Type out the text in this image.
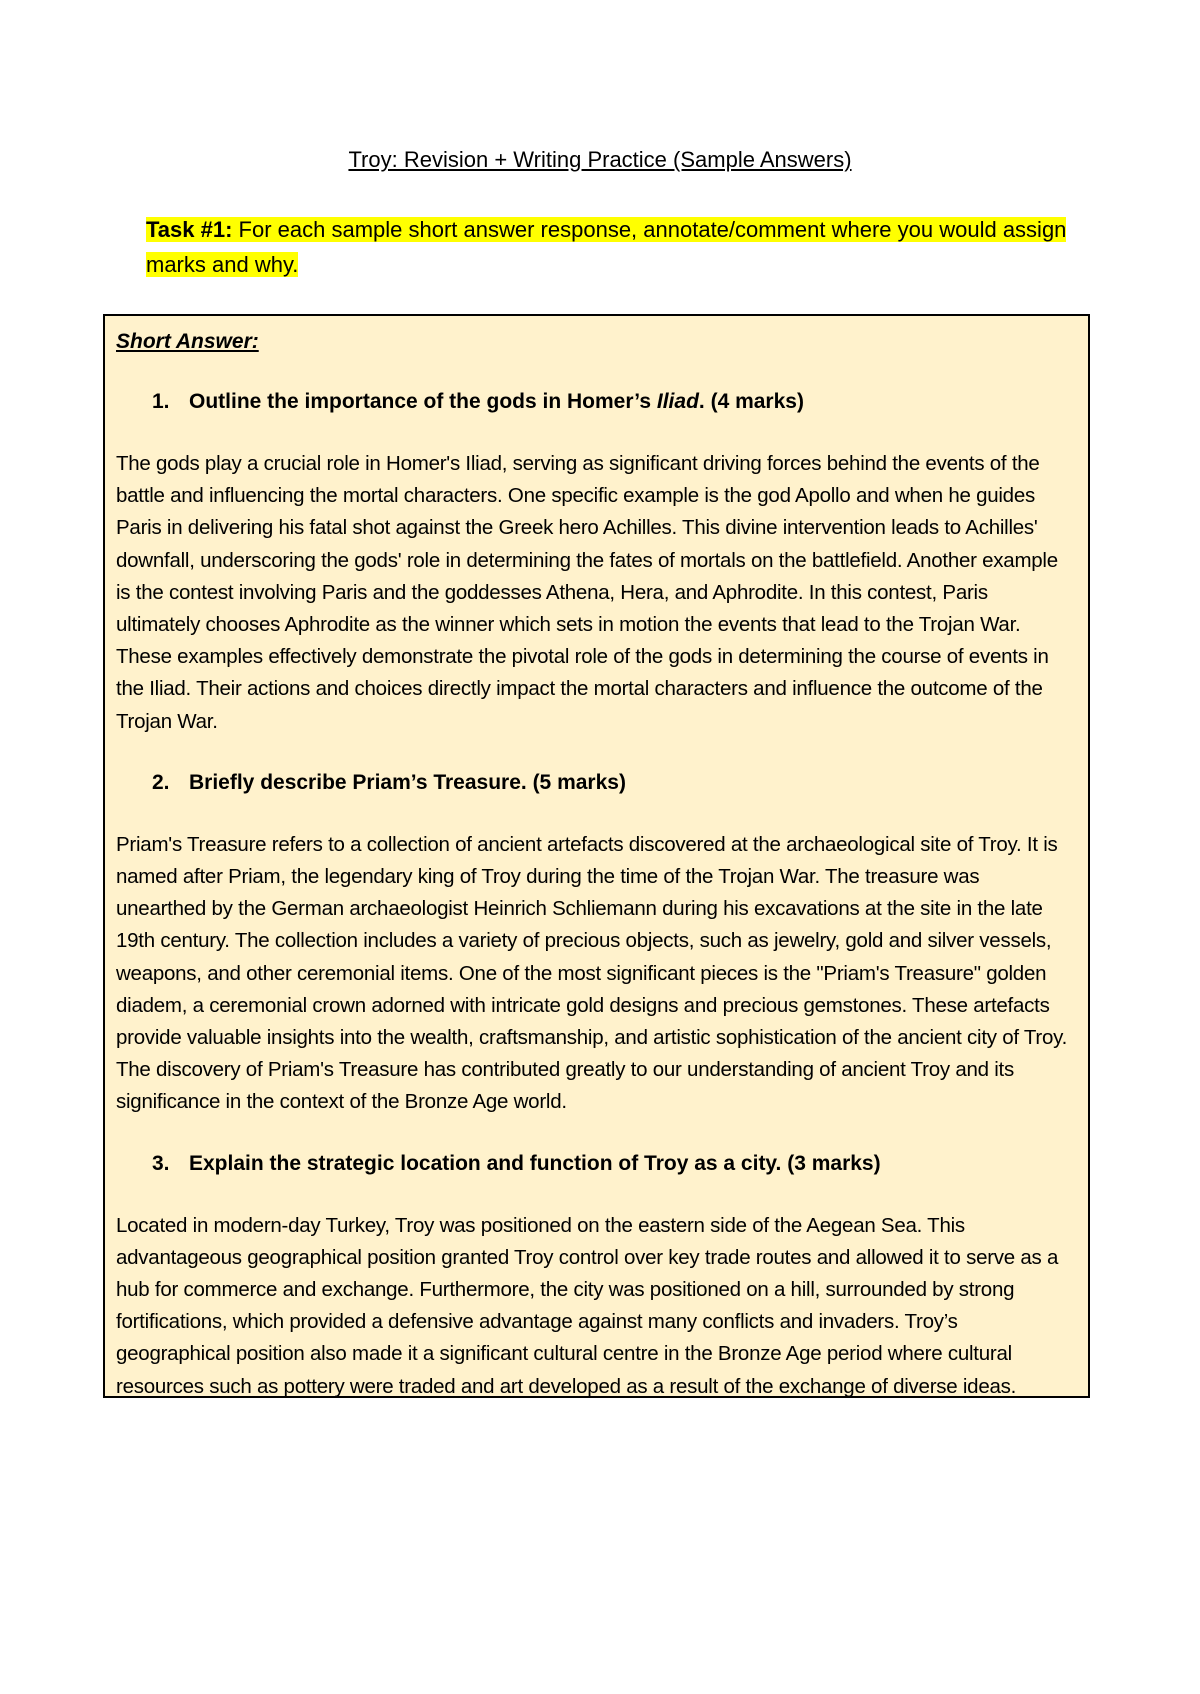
Troy: Revision + Writing Practice (Sample Answers)

Task #1: For each sample short answer response, annotate/comment where you would assign marks and why.

Short Answer:

1. Outline the importance of the gods in Homer’s Iliad. (4 marks)

The gods play a crucial role in Homer's Iliad, serving as significant driving forces behind the events of the battle and influencing the mortal characters. One specific example is the god Apollo and when he guides Paris in delivering his fatal shot against the Greek hero Achilles. This divine intervention leads to Achilles' downfall, underscoring the gods' role in determining the fates of mortals on the battlefield. Another example is the contest involving Paris and the goddesses Athena, Hera, and Aphrodite. In this contest, Paris ultimately chooses Aphrodite as the winner which sets in motion the events that lead to the Trojan War. These examples effectively demonstrate the pivotal role of the gods in determining the course of events in the Iliad. Their actions and choices directly impact the mortal characters and influence the outcome of the Trojan War.

2. Briefly describe Priam’s Treasure. (5 marks)

Priam's Treasure refers to a collection of ancient artefacts discovered at the archaeological site of Troy. It is named after Priam, the legendary king of Troy during the time of the Trojan War. The treasure was unearthed by the German archaeologist Heinrich Schliemann during his excavations at the site in the late 19th century. The collection includes a variety of precious objects, such as jewelry, gold and silver vessels, weapons, and other ceremonial items. One of the most significant pieces is the "Priam's Treasure" golden diadem, a ceremonial crown adorned with intricate gold designs and precious gemstones. These artefacts provide valuable insights into the wealth, craftsmanship, and artistic sophistication of the ancient city of Troy. The discovery of Priam's Treasure has contributed greatly to our understanding of ancient Troy and its significance in the context of the Bronze Age world.

3. Explain the strategic location and function of Troy as a city. (3 marks)

Located in modern-day Turkey, Troy was positioned on the eastern side of the Aegean Sea. This advantageous geographical position granted Troy control over key trade routes and allowed it to serve as a hub for commerce and exchange. Furthermore, the city was positioned on a hill, surrounded by strong fortifications, which provided a defensive advantage against many conflicts and invaders. Troy’s geographical position also made it a significant cultural centre in the Bronze Age period where cultural resources such as pottery were traded and art developed as a result of the exchange of diverse ideas.
